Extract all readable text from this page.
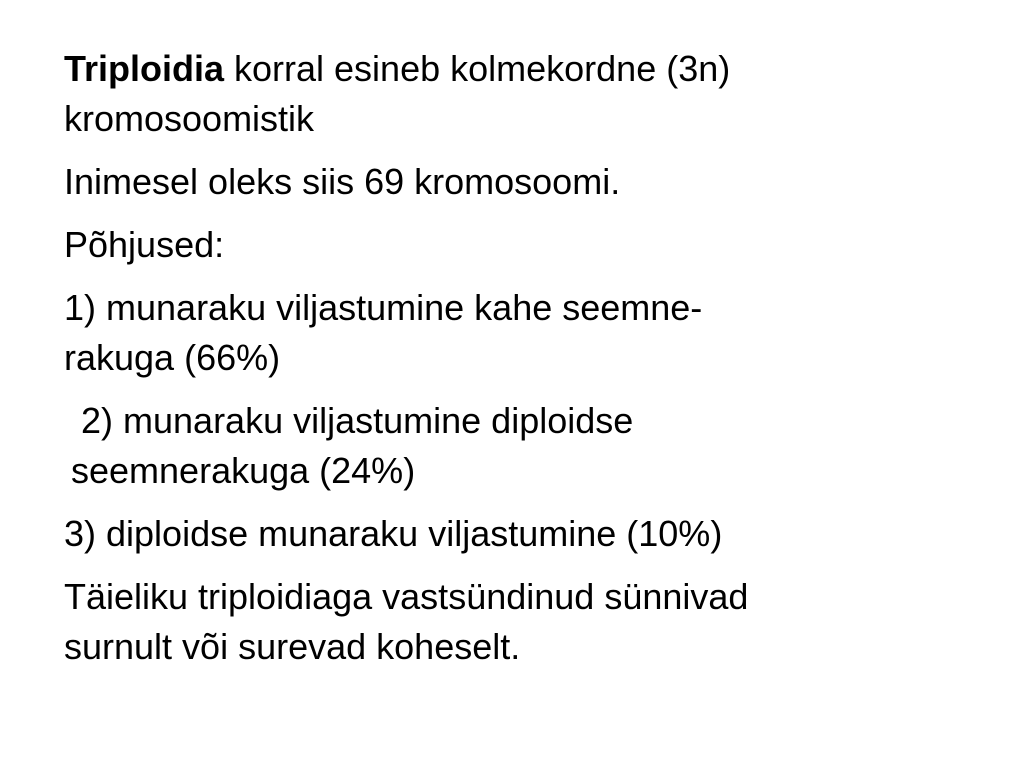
Triploidia korral esineb kolmekordne (3n)
kromosoomistik

Inimesel oleks siis 69 kromosoomi.

Põhjused:

1) munaraku viljastumine kahe seemne-
rakuga (66%)

2) munaraku viljastumine diploidse
seemnerakuga (24%)

3) diploidse munaraku viljastumine (10%)

Täieliku triploidiaga vastsündinud sünnivad
surnult või surevad koheselt.
